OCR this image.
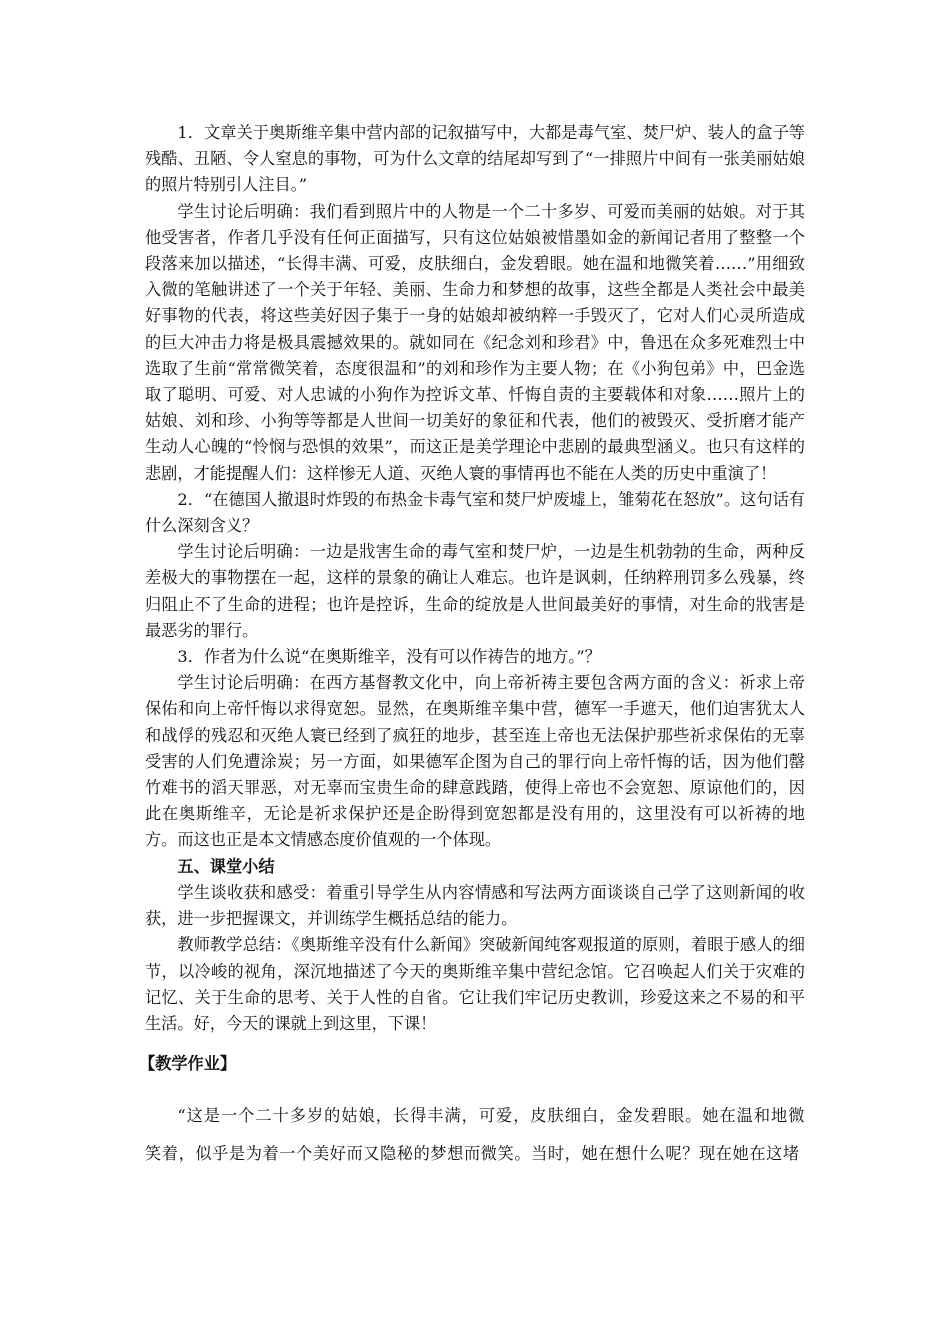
1．文章关于奥斯维辛集中营内部的记叙描写中，大都是毒气室、焚尸炉、装人的盒子等残酷、丑陋、令人窒息的事物，可为什么文章的结尾却写到了“一排照片中间有一张美丽姑娘的照片特别引人注目。”

学生讨论后明确：我们看到照片中的人物是一个二十多岁、可爱而美丽的姑娘。对于其他受害者，作者几乎没有任何正面描写，只有这位姑娘被惜墨如金的新闻记者用了整整一个段落来加以描述，“长得丰满、可爱，皮肤细白，金发碧眼。她在温和地微笑着……”用细致入微的笔触讲述了一个关于年轻、美丽、生命力和梦想的故事，这些全都是人类社会中最美好事物的代表，将这些美好因子集于一身的姑娘却被纳粹一手毁灭了，它对人们心灵所造成的巨大冲击力将是极具震撼效果的。就如同在《纪念刘和珍君》中，鲁迅在众多死难烈士中选取了生前“常常微笑着，态度很温和”的刘和珍作为主要人物；在《小狗包弟》中，巴金选取了聪明、可爱、对人忠诚的小狗作为控诉文革、忏悔自责的主要载体和对象……照片上的姑娘、刘和珍、小狗等等都是人世间一切美好的象征和代表，他们的被毁灭、受折磨才能产生动人心魄的“怜悯与恐惧的效果”，而这正是美学理论中悲剧的最典型涵义。也只有这样的悲剧，才能提醒人们：这样惨无人道、灭绝人寰的事情再也不能在人类的历史中重演了！

2．“在德国人撤退时炸毁的布热金卡毒气室和焚尸炉废墟上，雏菊花在怒放”。这句话有什么深刻含义？

学生讨论后明确：一边是戕害生命的毒气室和焚尸炉，一边是生机勃勃的生命，两种反差极大的事物摆在一起，这样的景象的确让人难忘。也许是讽刺，任纳粹刑罚多么残暴，终归阻止不了生命的进程；也许是控诉，生命的绽放是人世间最美好的事情，对生命的戕害是最恶劣的罪行。

3．作者为什么说“在奥斯维辛，没有可以作祷告的地方。”？

学生讨论后明确：在西方基督教文化中，向上帝祈祷主要包含两方面的含义：祈求上帝保佑和向上帝忏悔以求得宽恕。显然，在奥斯维辛集中营，德军一手遮天，他们迫害犹太人和战俘的残忍和灭绝人寰已经到了疯狂的地步，甚至连上帝也无法保护那些祈求保佑的无辜受害的人们免遭涂炭；另一方面，如果德军企图为自己的罪行向上帝忏悔的话，因为他们罄竹难书的滔天罪恶，对无辜而宝贵生命的肆意践踏，使得上帝也不会宽恕、原谅他们的，因此在奥斯维辛，无论是祈求保护还是企盼得到宽恕都是没有用的，这里没有可以祈祷的地方。而这也正是本文情感态度价值观的一个体现。

五、课堂小结

学生谈收获和感受：着重引导学生从内容情感和写法两方面谈谈自己学了这则新闻的收获，进一步把握课文，并训练学生概括总结的能力。

教师教学总结：《奥斯维辛没有什么新闻》突破新闻纯客观报道的原则，着眼于感人的细节，以冷峻的视角，深沉地描述了今天的奥斯维辛集中营纪念馆。它召唤起人们关于灾难的记忆、关于生命的思考、关于人性的自省。它让我们牢记历史教训，珍爱这来之不易的和平生活。好，今天的课就上到这里，下课！

【教学作业】

“这是一个二十多岁的姑娘，长得丰满，可爱，皮肤细白，金发碧眼。她在温和地微笑着，似乎是为着一个美好而又隐秘的梦想而微笑。当时，她在想什么呢？现在她在这堵
